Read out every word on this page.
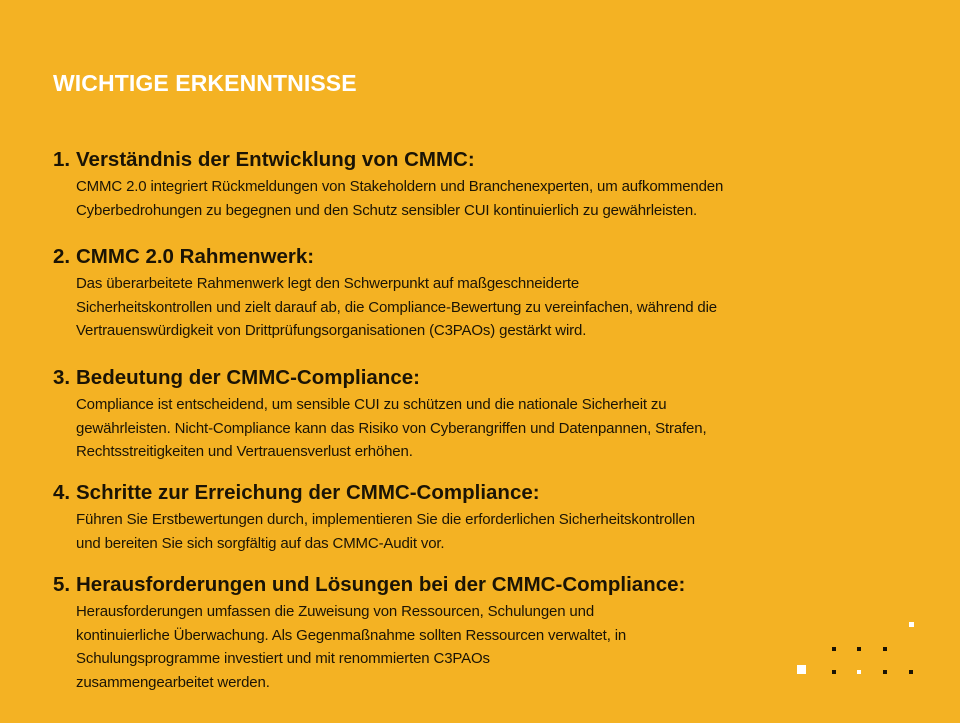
WICHTIGE ERKENNTNISSE
1. Verständnis der Entwicklung von CMMC:

CMMC 2.0 integriert Rückmeldungen von Stakeholdern und Branchenexperten, um aufkommenden
Cyberbedrohungen zu begegnen und den Schutz sensibler CUI kontinuierlich zu gewährleisten.

2. CMMC 2.0 Rahmenwerk:

Das überarbeitete Rahmenwerk legt den Schwerpunkt auf maßgeschneiderte
Sicherheitskontrollen und zielt darauf ab, die Compliance-Bewertung zu vereinfachen, während die
Vertrauenswürdigkeit von Drittprüfungsorganisationen (C3PAOs) gestärkt wird.

3. Bedeutung der CMMC-Compliance:

Compliance ist entscheidend, um sensible CUI zu schützen und die nationale Sicherheit zu
gewährleisten. Nicht-Compliance kann das Risiko von Cyberangriffen und Datenpannen, Strafen,
Rechtsstreitigkeiten und Vertrauensverlust erhöhen.

4. Schritte zur Erreichung der CMMC-Compliance:

Führen Sie Erstbewertungen durch, implementieren Sie die erforderlichen Sicherheitskontrollen
und bereiten Sie sich sorgfältig auf das CMMC-Audit vor.

5. Herausforderungen und Lösungen bei der CMMC-Compliance:

Herausforderungen umfassen die Zuweisung von Ressourcen, Schulungen und
kontinuierliche Überwachung. Als Gegenmaßnahme sollten Ressourcen verwaltet, in
Schulungsprogramme investiert und mit renommierten C3PAOs
zusammengearbeitet werden.
